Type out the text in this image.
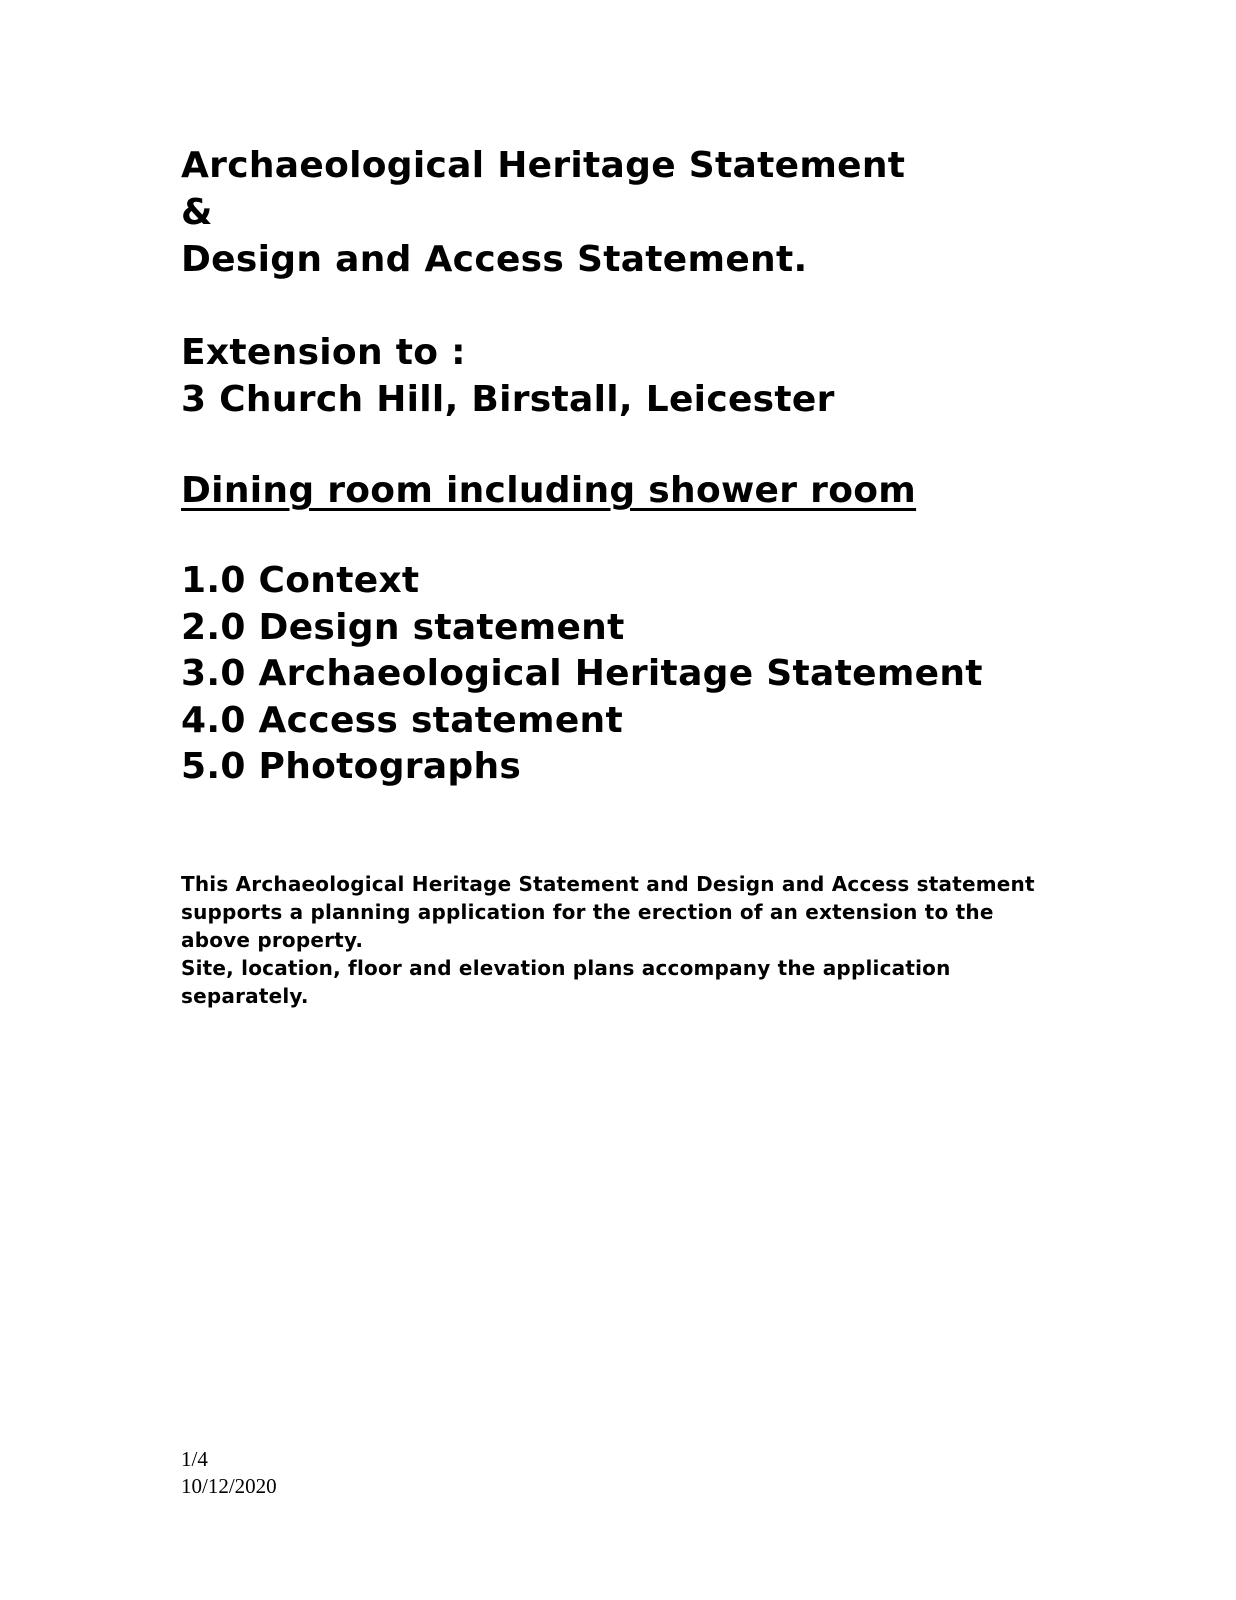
Archaeological Heritage Statement
&
Design and Access Statement.
Extension to :
3 Church Hill, Birstall, Leicester
Dining room including shower room
1.0 Context
2.0 Design statement
3.0 Archaeological Heritage Statement
4.0 Access statement
5.0 Photographs
This Archaeological Heritage Statement and Design and Access statement supports a planning application for the erection of an extension to the above property.
Site, location, floor and elevation plans accompany the application separately.
1/4
10/12/2020
